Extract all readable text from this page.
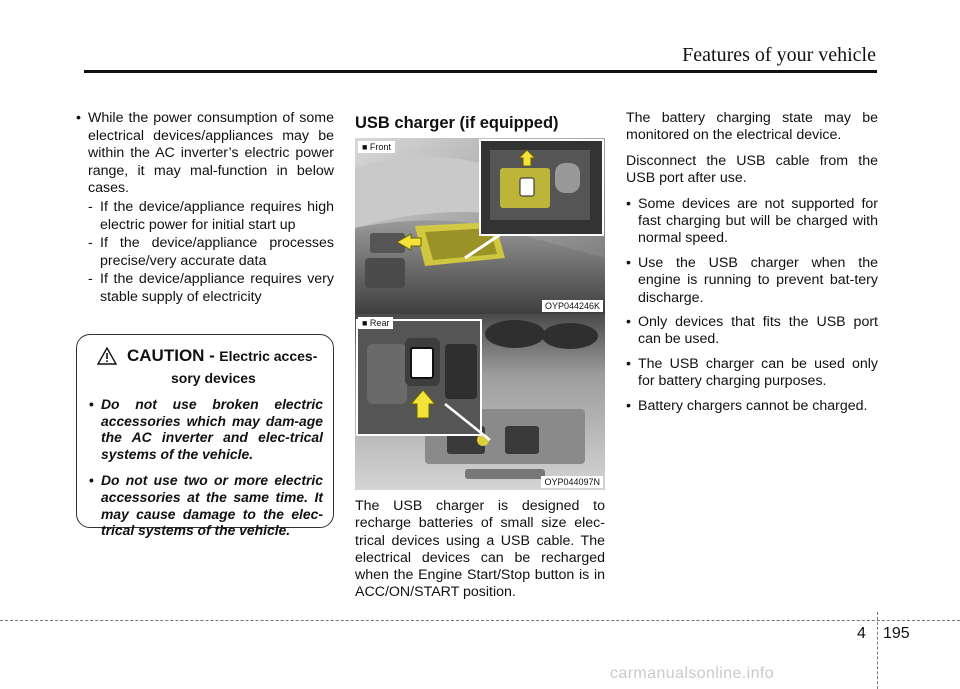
Features of your vehicle
• While the power consumption of some electrical devices/appliances may be within the AC inverter’s electric power range, it may mal-function in below cases.
- If the device/appliance requires high electric power for initial start up
- If the device/appliance processes precise/very accurate data
- If the device/appliance requires very stable supply of electricity
CAUTION - Electric acces-
sory devices
• Do not use broken electric accessories which may dam-age the AC inverter and elec-trical systems of the vehicle.
• Do not use two or more electric accessories at the same time. It may cause damage to the elec-trical systems of the vehicle.
USB charger (if equipped)
■ Front
OYP044246K
■ Rear
OYP044097N
The USB charger is designed to recharge batteries of small size elec-trical devices using a USB cable. The electrical devices can be recharged when the Engine Start/Stop button is in ACC/ON/START position.

The battery charging state may be monitored on the electrical device.

Disconnect the USB cable from the USB port after use.

• Some devices are not supported for fast charging but will be charged with normal speed.
• Use the USB charger when the engine is running to prevent bat-tery discharge.
• Only devices that fits the USB port can be used.
• The USB charger can be used only for battery charging purposes.
• Battery chargers cannot be charged.
4 195
carmanualsonline.info
